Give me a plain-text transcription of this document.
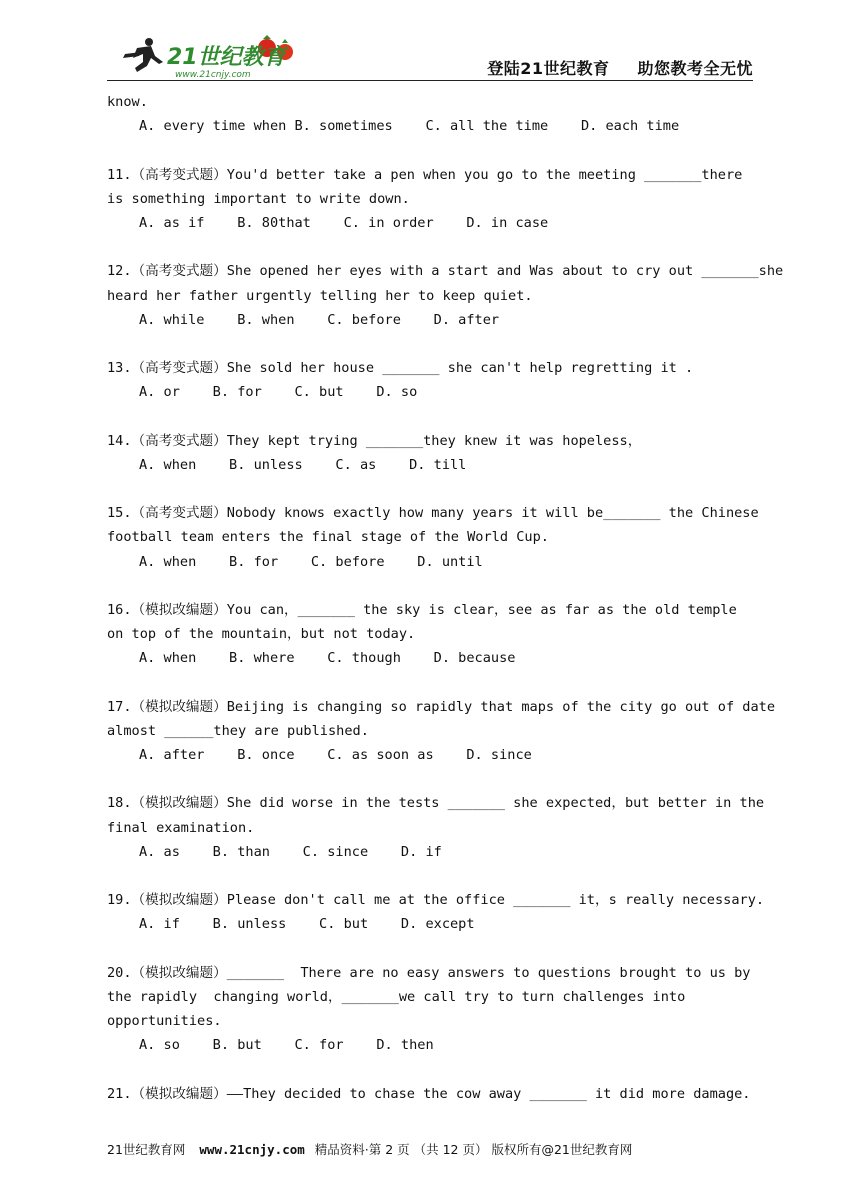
21世纪教育
www.21cnjy.com	登陆21世纪教育 助您教考全无忧
know.
A. every time when B. sometimes    C. all the time    D. each time
11.（高考变式题）You'd better take a pen when you go to the meeting _______there
is something important to write down.
A. as if    B. 80that    C. in order    D. in case
12.（高考变式题）She opened her eyes with a start and Was about to cry out _______she
heard her father urgently telling her to keep quiet.
A. while    B. when    C. before    D. after
13.（高考变式题）She sold her house _______ she can't help regretting it .
A. or    B. for    C. but    D. so
14.（高考变式题）They kept trying _______they knew it was hopeless，
A. when    B. unless    C. as    D. till
15.（高考变式题）Nobody knows exactly how many years it will be_______ the Chinese
football team enters the final stage of the World Cup.
A. when    B. for    C. before    D. until
16.（模拟改编题）You can，_______ the sky is clear，see as far as the old temple
on top of the mountain，but not today.
A. when    B. where    C. though    D. because
17.（模拟改编题）Beijing is changing so rapidly that maps of the city go out of date
almost ______they are published.
A. after    B. once    C. as soon as    D. since
18.（模拟改编题）She did worse in the tests _______ she expected，but better in the
final examination.
A. as    B. than    C. since    D. if
19.（模拟改编题）Please don't call me at the office _______ it，s really necessary.
A. if    B. unless    C. but    D. except
20.（模拟改编题）_______  There are no easy answers to questions brought to us by
the rapidly  changing world，_______we call try to turn challenges into
opportunities.
A. so    B. but    C. for    D. then
21.（模拟改编题）——They decided to chase the cow away _______ it did more damage.
21世纪教育网 www.21cnjy.com 精品资料·第 2 页 （共 12 页） 版权所有@21世纪教育网
